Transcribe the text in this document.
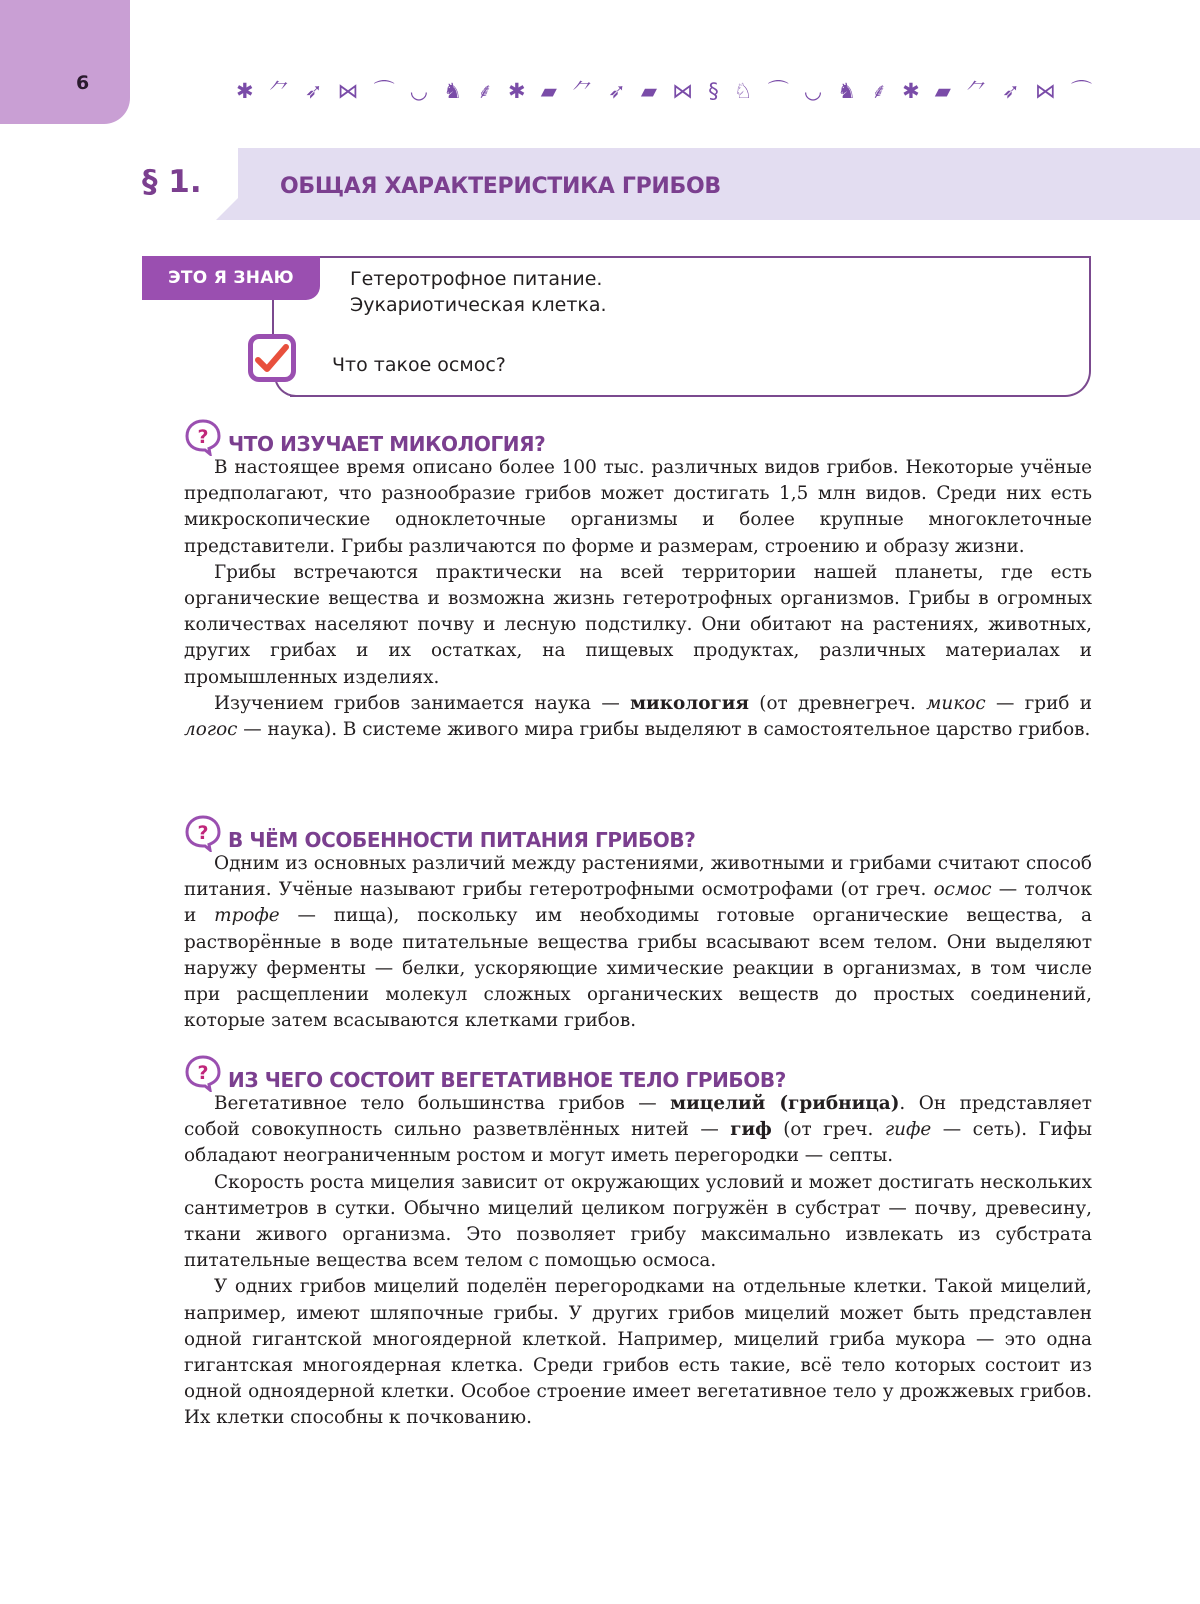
6	✱ ⺈ ➶ ⋈ ⌒ ◡ ♞ ⸙ ✱ ▰ ⺈ ➶ ▰ ⋈ § ♘ ⌒ ◡ ♞ ⸙ ✱ ▰ ⺈ ➶ ⋈ ⌒
§ 1.	ОБЩАЯ ХАРАКТЕРИСТИКА ГРИБОВ
ЭТО Я ЗНАЮ	Гетеротрофное питание.
Эукариотическая клетка.
Что такое осмос?
? ЧТО ИЗУЧАЕТ МИКОЛОГИЯ?

В настоящее время описано более 100 тыс. различных видов грибов. Некоторые учёные предполагают, что разнообразие грибов может достигать 1,5 млн видов. Среди них есть микроскопические одноклеточные организмы и более крупные многоклеточные представители. Грибы различаются по форме и размерам, строению и образу жизни.

Грибы встречаются практически на всей территории нашей планеты, где есть органические вещества и возможна жизнь гетеротрофных организмов. Грибы в огромных количествах населяют почву и лесную подстилку. Они обитают на растениях, животных, других грибах и их остатках, на пищевых продуктах, различных материалах и промышленных изделиях.

Изучением грибов занимается наука — микология (от древнегреч. микос — гриб и логос — наука). В системе живого мира грибы выделяют в самостоятельное царство грибов.

? В ЧЁМ ОСОБЕННОСТИ ПИТАНИЯ ГРИБОВ?

Одним из основных различий между растениями, животными и грибами считают способ питания. Учёные называют грибы гетеротрофными осмотрофами (от греч. осмос — толчок и трофе — пища), поскольку им необходимы готовые органические вещества, а растворённые в воде питательные вещества грибы всасывают всем телом. Они выделяют наружу ферменты — белки, ускоряющие химические реакции в организмах, в том числе при расщеплении молекул сложных органических веществ до простых соединений, которые затем всасываются клетками грибов.

? ИЗ ЧЕГО СОСТОИТ ВЕГЕТАТИВНОЕ ТЕЛО ГРИБОВ?

Вегетативное тело большинства грибов — мицелий (грибница). Он представляет собой совокупность сильно разветвлённых нитей — гиф (от греч. гифе — сеть). Гифы обладают неограниченным ростом и могут иметь перегородки — септы.

Скорость роста мицелия зависит от окружающих условий и может достигать нескольких сантиметров в сутки. Обычно мицелий целиком погружён в субстрат — почву, древесину, ткани живого организма. Это позволяет грибу максимально извлекать из субстрата питательные вещества всем телом с помощью осмоса.

У одних грибов мицелий поделён перегородками на отдельные клетки. Такой мицелий, например, имеют шляпочные грибы. У других грибов мицелий может быть представлен одной гигантской многоядерной клеткой. Например, мицелий гриба мукора — это одна гигантская многоядерная клетка. Среди грибов есть такие, всё тело которых состоит из одной одноядерной клетки. Особое строение имеет вегетативное тело у дрожжевых грибов. Их клетки способны к почкованию.
